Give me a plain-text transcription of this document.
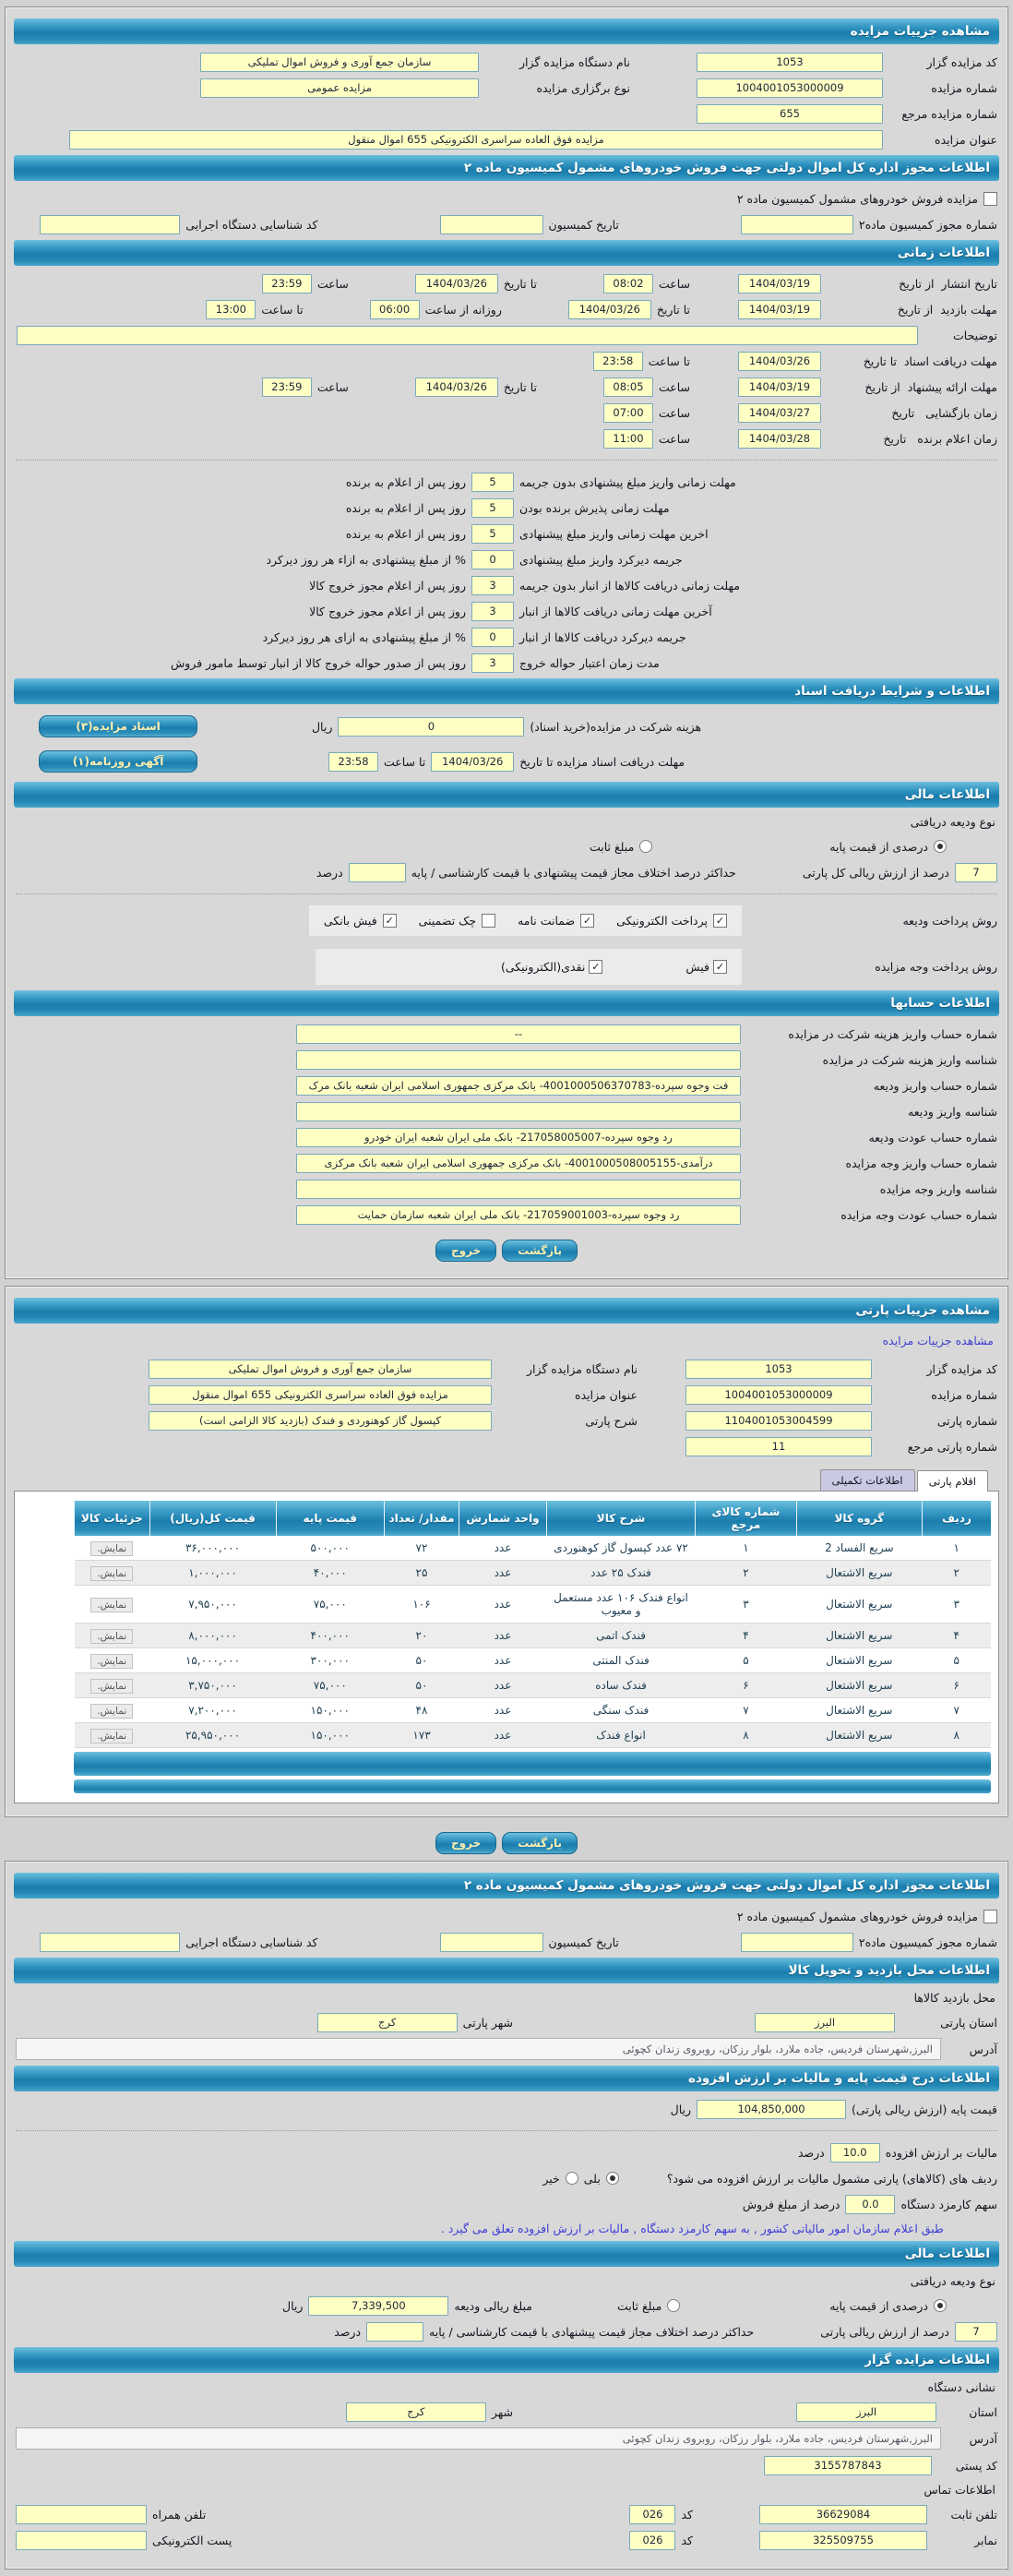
مشاهده جزییات مزایده
کد مزایده گزار
1053
نام دستگاه مزایده گزار
سازمان جمع آوری و فروش اموال تملیکی
شماره مزایده
1004001053000009
نوع برگزاری مزایده
مزایده عمومی
شماره مزایده مرجع
655
عنوان مزایده
مزایده فوق العاده سراسری الکترونیکی 655 اموال منقول
اطلاعات مجوز اداره کل اموال دولتی جهت فروش خودروهای مشمول کمیسیون ماده ۲
مزایده فروش خودروهای مشمول کمیسیون ماده ۲
شماره مجوز کمیسیون ماده۲
تاریخ کمیسیون
کد شناسایی دستگاه اجرایی
اطلاعات زمانی
تاریخ انتشار  از تاریخ
1404/03/19
ساعت
08:02
تا تاریخ
1404/03/26
ساعت
23:59
مهلت بازدید  از تاریخ
1404/03/19
تا تاریخ
1404/03/26
روزانه از ساعت
06:00
تا ساعت
13:00
توضیحات
مهلت دریافت اسناد  تا تاریخ
1404/03/26
تا ساعت
23:58
مهلت ارائه پیشنهاد  از تاریخ
1404/03/19
ساعت
08:05
تا تاریخ
1404/03/26
ساعت
23:59
زمان بازگشایی   تاریخ
1404/03/27
ساعت
07:00
زمان اعلام برنده   تاریخ
1404/03/28
ساعت
11:00
مهلت زمانی واریز مبلغ پیشنهادی بدون جریمه
5
روز پس از اعلام به برنده
مهلت زمانی پذیرش برنده بودن
5
روز پس از اعلام به برنده
اخرین مهلت زمانی واریز مبلغ پیشنهادی
5
روز پس از اعلام به برنده
جریمه دیرکرد واریز مبلغ پیشنهادی
0
% از مبلغ پیشنهادی به ازاء هر روز دیرکرد
مهلت زمانی دریافت کالاها از انبار بدون جریمه
3
روز پس از اعلام مجوز خروج کالا
آخرین مهلت زمانی دریافت کالاها از انبار
3
روز پس از اعلام مجوز خروج کالا
جریمه دیرکرد دریافت کالاها از انبار
0
% از مبلغ پیشنهادی به ازای هر روز دیرکرد
مدت زمان اعتبار حواله خروج
3
روز پس از صدور حواله خروج کالا از انبار توسط مامور فروش
اطلاعات و شرایط دریافت اسناد
هزینه شرکت در مزایده(خرید اسناد)
0
ریال
اسناد مزایده(۳)
مهلت دریافت اسناد مزایده تا تاریخ
1404/03/26
تا ساعت
23:58
آگهی روزنامه(۱)
اطلاعات مالی
نوع ودیعه دریافتی
درصدی از قیمت پایه
مبلغ ثابت
7
درصد از ارزش ریالی کل پارتی
حداکثر درصد اختلاف مجاز قیمت پیشنهادی با قیمت کارشناسی / پایه
درصد
روش پرداخت ودیعه
✓
پرداخت الکترونیکی
✓
ضمانت نامه
چک تضمینی
✓
فیش بانکی
روش پرداخت وجه مزایده
✓
فیش
✓
نقدی(الکترونیکی)
اطلاعات حسابها
شماره حساب واریز هزینه شرکت در مزایده
--
شناسه واریز هزینه شرکت در مزایده
شماره حساب واریز ودیعه
فت وجوه سپرده-4001000506370783- بانک مرکزی جمهوری اسلامی ایران شعبه بانک مرک
شناسه واریز ودیعه
شماره حساب عودت ودیعه
رد وجوه سپرده-217058005007- بانک ملی ایران شعبه ایران خودرو
شماره حساب واریز وجه مزایده
درآمدی-4001000508005155- بانک مرکزی جمهوری اسلامی ایران شعبه بانک مرکزی
شناسه واریز وجه مزایده
شماره حساب عودت وجه مزایده
رد وجوه سپرده-217059001003- بانک ملی ایران شعبه سازمان حمایت
بازگشت
خروج
مشاهده جزییات پارتی
مشاهده جزییات مزایده
کد مزایده گزار
1053
نام دستگاه مزایده گزار
سازمان جمع آوری و فروش اموال تملیکی
شماره مزایده
1004001053000009
عنوان مزایده
مزایده فوق العاده سراسری الکترونیکی 655 اموال منقول
شماره پارتی
1104001053004599
شرح پارتی
کپسول گاز کوهنوردی و فندک (بازدید کالا الزامی است)
شماره پارتی مرجع
11
اقلام پارتی
اطلاعات تکمیلی
ردیف	گروه کالا	شماره کالای مرجع	شرح کالا	واحد شمارش	مقدار/ تعداد	قیمت پایه	قیمت کل(ریال)	جزئیات کالا
۱	سریع الفساد 2	۱	۷۲ عدد کپسول گاز کوهنوردی	عدد	۷۲	۵۰۰,۰۰۰	۳۶,۰۰۰,۰۰۰	نمایش.
۲	سریع الاشتعال	۲	فندک ۲۵ عدد	عدد	۲۵	۴۰,۰۰۰	۱,۰۰۰,۰۰۰	نمایش.
۳	سریع الاشتعال	۳	انواع فندک ۱۰۶ عدد مستعمل و معیوب	عدد	۱۰۶	۷۵,۰۰۰	۷,۹۵۰,۰۰۰	نمایش.
۴	سریع الاشتعال	۴	فندک اتمی	عدد	۲۰	۴۰۰,۰۰۰	۸,۰۰۰,۰۰۰	نمایش.
۵	سریع الاشتعال	۵	فندک المنتی	عدد	۵۰	۳۰۰,۰۰۰	۱۵,۰۰۰,۰۰۰	نمایش.
۶	سریع الاشتعال	۶	فندک ساده	عدد	۵۰	۷۵,۰۰۰	۳,۷۵۰,۰۰۰	نمایش.
۷	سریع الاشتعال	۷	فندک سنگی	عدد	۴۸	۱۵۰,۰۰۰	۷,۲۰۰,۰۰۰	نمایش.
۸	سریع الاشتعال	۸	انواع فندک	عدد	۱۷۳	۱۵۰,۰۰۰	۲۵,۹۵۰,۰۰۰	نمایش.
بازگشت
خروج
اطلاعات مجوز اداره کل اموال دولتی جهت فروش خودروهای مشمول کمیسیون ماده ۲
مزایده فروش خودروهای مشمول کمیسیون ماده ۲
شماره مجوز کمیسیون ماده۲
تاریخ کمیسیون
کد شناسایی دستگاه اجرایی
اطلاعات محل بازدید و تحویل کالا
محل بازدید کالاها
استان پارتی
البرز
شهر پارتی
کرج
آدرس
البرز,شهرستان فردیس، جاده ملارد، بلوار رزکان، روبروی زندان کچوئی
اطلاعات درج قیمت پایه و مالیات بر ارزش افزوده
قیمت پایه (ارزش ریالی پارتی)
104,850,000
ریال
مالیات بر ارزش افزوده
10.0
درصد
ردیف های (کالاهای) پارتی مشمول مالیات بر ارزش افزوده می شود؟
بلی
خیر
سهم کارمزد دستگاه
0.0
درصد از مبلغ فروش
طبق اعلام سازمان امور مالیاتی کشور , به سهم کارمزد دستگاه , مالیات بر ارزش افزوده تعلق می گیرد .
اطلاعات مالی
نوع ودیعه دریافتی
درصدی از قیمت پایه
مبلغ ثابت
مبلغ ریالی ودیعه
7,339,500
ریال
7
درصد از ارزش ریالی پارتی
حداکثر درصد اختلاف مجاز قیمت پیشنهادی با قیمت کارشناسی / پایه
درصد
اطلاعات مزایده گزار
نشانی دستگاه
استان
البرز
شهر
کرج
آدرس
البرز,شهرستان فردیس، جاده ملارد، بلوار رزکان، روبروی زندان کچوئی
کد پستی
3155787843
اطلاعات تماس
تلفن ثابت
36629084
کد
026
تلفن همراه
نمابر
325509755
کد
026
پست الکترونیکی
